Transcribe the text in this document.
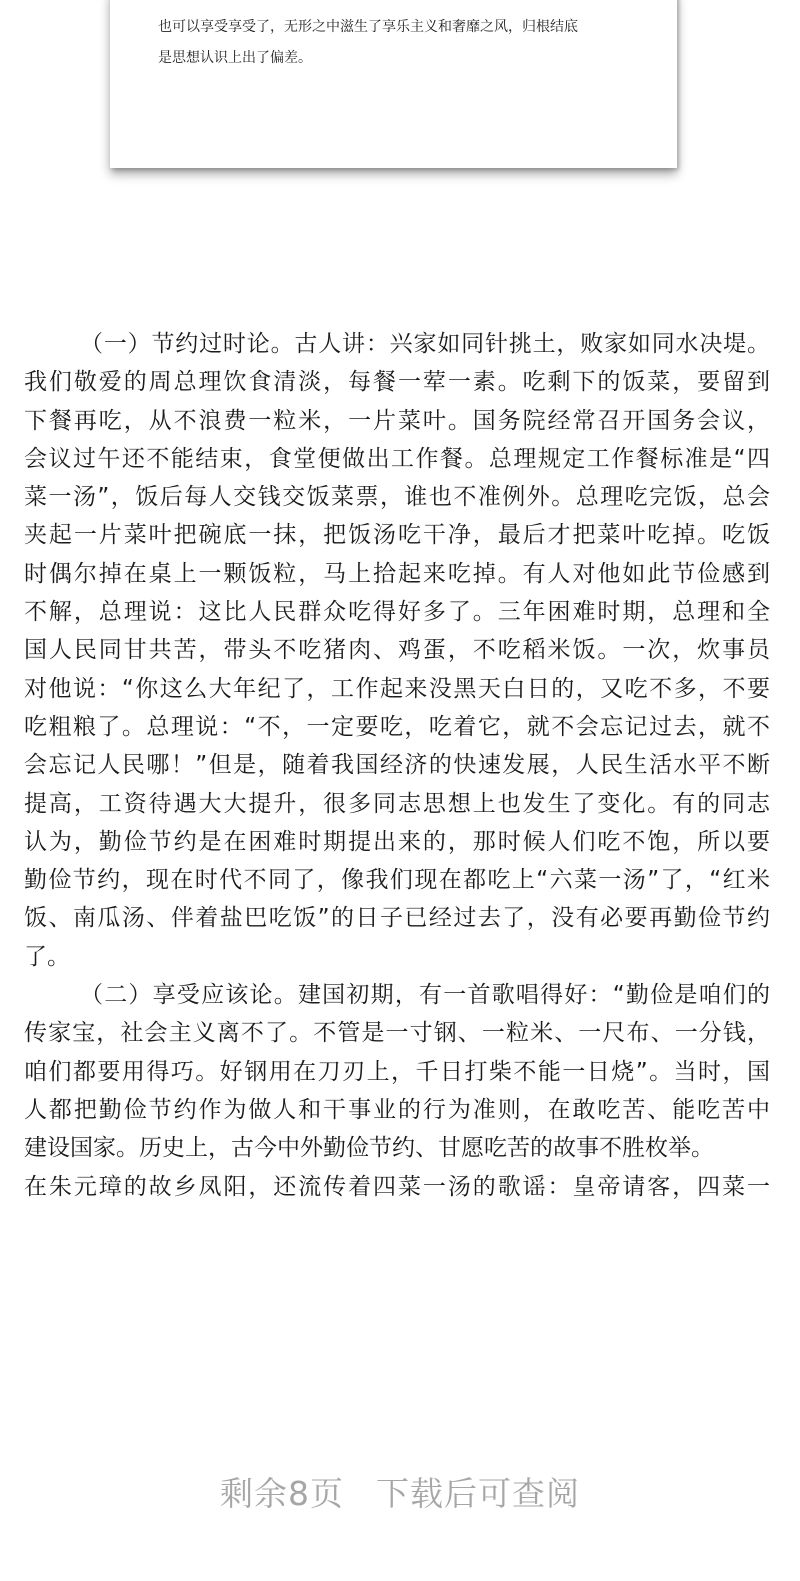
也可以享受享受了，无形之中滋生了享乐主义和奢靡之风，归根结底
是思想认识上出了偏差。
（一）节约过时论。古人讲：兴家如同针挑土，败家如同水决堤。
我们敬爱的周总理饮食清淡，每餐一荤一素。吃剩下的饭菜，要留到
下餐再吃，从不浪费一粒米，一片菜叶。国务院经常召开国务会议，
会议过午还不能结束，食堂便做出工作餐。总理规定工作餐标准是“四
菜一汤”，饭后每人交钱交饭菜票，谁也不准例外。总理吃完饭，总会
夹起一片菜叶把碗底一抹，把饭汤吃干净，最后才把菜叶吃掉。吃饭
时偶尔掉在桌上一颗饭粒，马上拾起来吃掉。有人对他如此节俭感到
不解，总理说：这比人民群众吃得好多了。三年困难时期，总理和全
国人民同甘共苦，带头不吃猪肉、鸡蛋，不吃稻米饭。一次，炊事员
对他说：“你这么大年纪了，工作起来没黑天白日的，又吃不多，不要
吃粗粮了。总理说：“不，一定要吃，吃着它，就不会忘记过去，就不
会忘记人民哪！”但是，随着我国经济的快速发展，人民生活水平不断
提高，工资待遇大大提升，很多同志思想上也发生了变化。有的同志
认为，勤俭节约是在困难时期提出来的，那时候人们吃不饱，所以要
勤俭节约，现在时代不同了，像我们现在都吃上“六菜一汤”了，“红米
饭、南瓜汤、伴着盐巴吃饭”的日子已经过去了，没有必要再勤俭节约
了。
（二）享受应该论。建国初期，有一首歌唱得好：“勤俭是咱们的
传家宝，社会主义离不了。不管是一寸钢、一粒米、一尺布、一分钱，
咱们都要用得巧。好钢用在刀刃上，千日打柴不能一日烧”。当时，国
人都把勤俭节约作为做人和干事业的行为准则，在敢吃苦、能吃苦中
建设国家。历史上，古今中外勤俭节约、甘愿吃苦的故事不胜枚举。
在朱元璋的故乡凤阳，还流传着四菜一汤的歌谣：皇帝请客，四菜一
剩余8页 下载后可查阅
